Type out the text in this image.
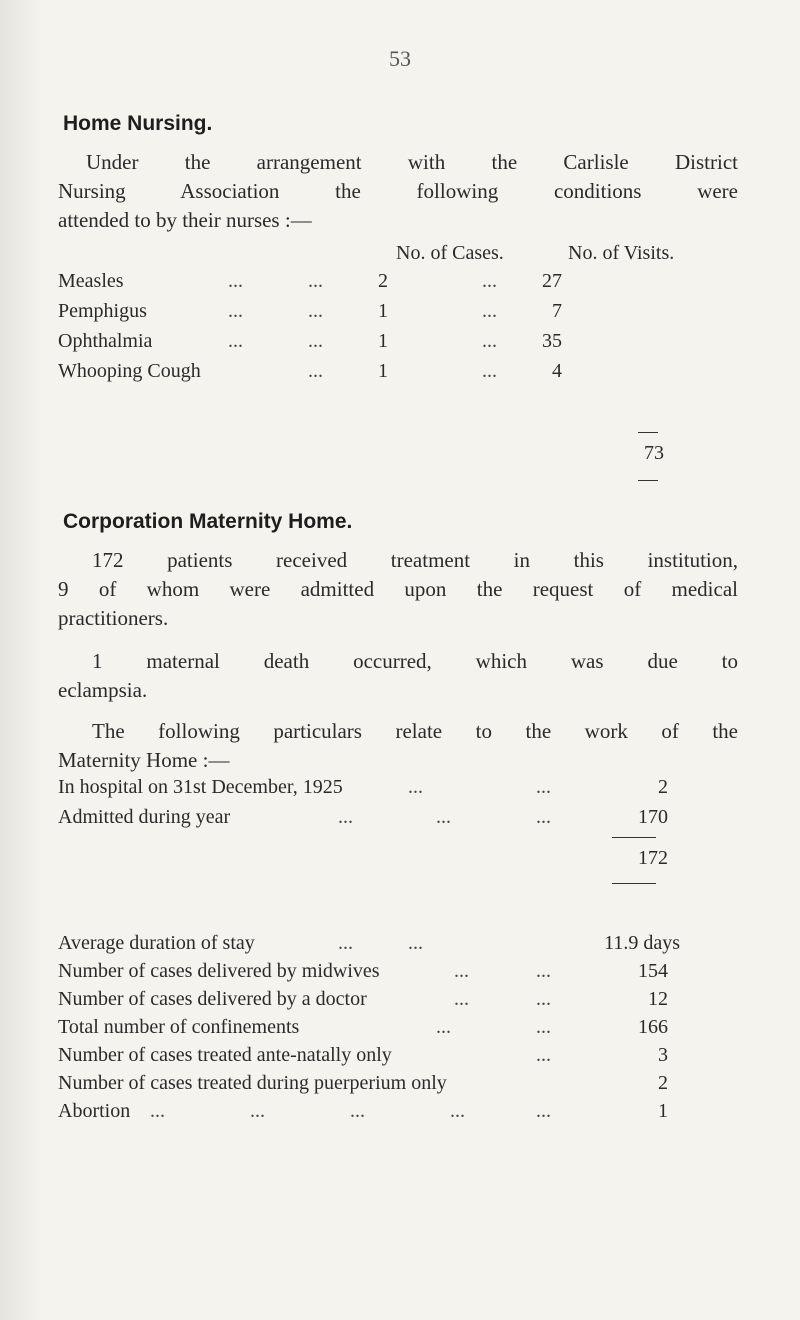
53
Home Nursing.
Under the arrangement with the Carlisle District
Nursing Association the following conditions were
attended to by their nurses :—
No. of Cases.	No. of Visits.
Measles	...	...	2	...	27
Pemphigus	...	...	1	...	7
Ophthalmia	...	...	1	...	35
Whooping Cough	...	1	...	4
73
Corporation Maternity Home.
172 patients received treatment in this institution,
9 of whom were admitted upon the request of medical
practitioners.
1 maternal death occurred, which was due to
eclampsia.
The following particulars relate to the work of the
Maternity Home :—
In hospital on 31st December, 1925	...	...	2
Admitted during year	...	...	...	170
172
Average duration of stay	...	...	11.9 days
Number of cases delivered by midwives	...	...	154
Number of cases delivered by a doctor	...	...	12
Total number of confinements	...	...	166
Number of cases treated ante-natally only	...	3
Number of cases treated during puerperium only	2
Abortion ...	...	...	...	...	1
